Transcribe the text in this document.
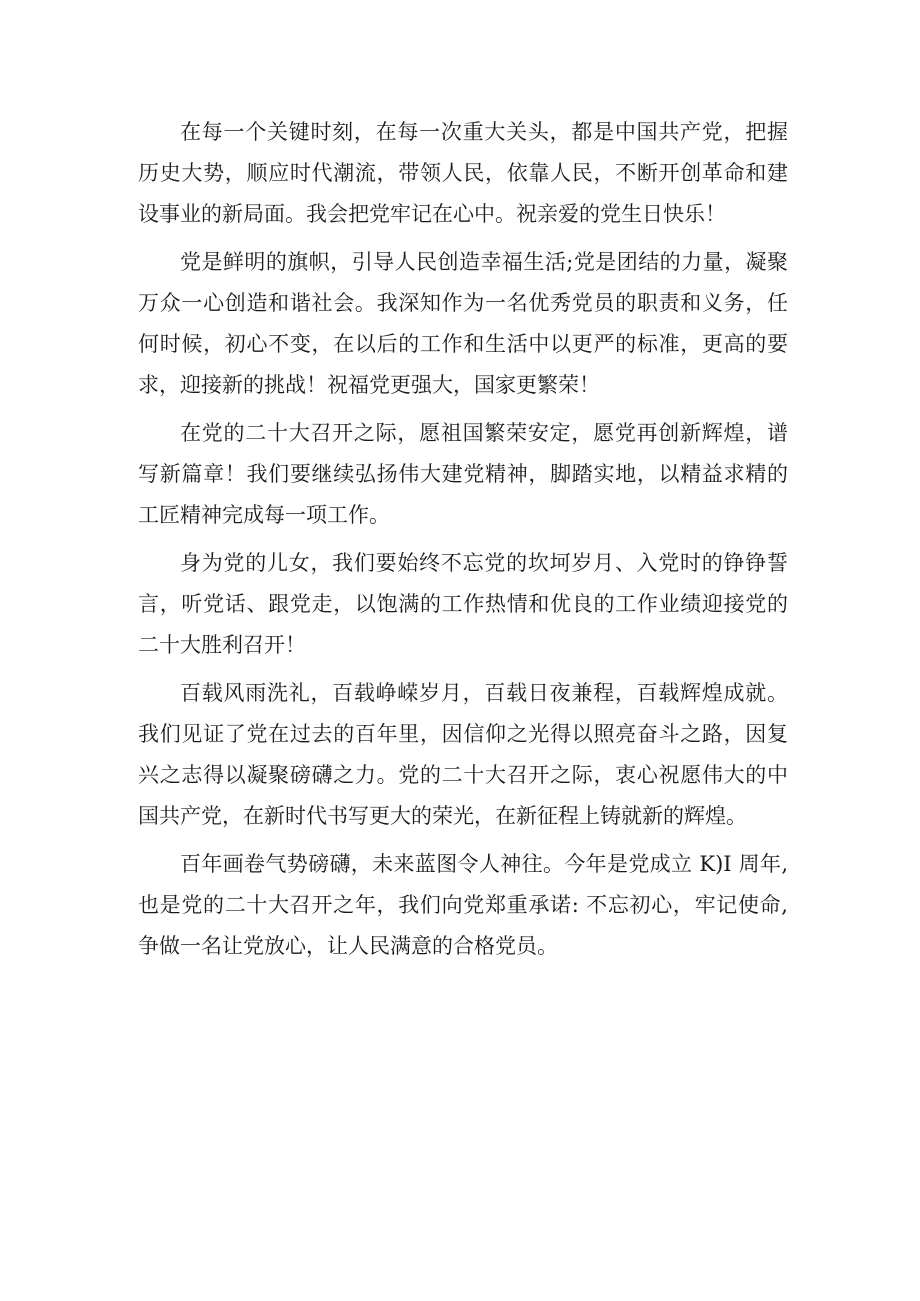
在每一个关键时刻，在每一次重大关头，都是中国共产党，把握历史大势，顺应时代潮流，带领人民，依靠人民，不断开创革命和建设事业的新局面。我会把党牢记在心中。祝亲爱的党生日快乐！

党是鲜明的旗帜，引导人民创造幸福生活;党是团结的力量，凝聚万众一心创造和谐社会。我深知作为一名优秀党员的职责和义务，任何时候，初心不变，在以后的工作和生活中以更严的标准，更高的要求，迎接新的挑战！祝福党更强大，国家更繁荣！

在党的二十大召开之际，愿祖国繁荣安定，愿党再创新辉煌，谱写新篇章！我们要继续弘扬伟大建党精神，脚踏实地，以精益求精的工匠精神完成每一项工作。

身为党的儿女，我们要始终不忘党的坎坷岁月、入党时的铮铮誓言，听党话、跟党走，以饱满的工作热情和优良的工作业绩迎接党的二十大胜利召开！

百载风雨洗礼，百载峥嵘岁月，百载日夜兼程，百载辉煌成就。我们见证了党在过去的百年里，因信仰之光得以照亮奋斗之路，因复兴之志得以凝聚磅礴之力。党的二十大召开之际，衷心祝愿伟大的中国共产党，在新时代书写更大的荣光，在新征程上铸就新的辉煌。

百年画卷气势磅礴，未来蓝图令人神往。今年是党成立 K)I 周年, 也是党的二十大召开之年，我们向党郑重承诺: 不忘初心，牢记使命, 争做一名让党放心，让人民满意的合格党员。
